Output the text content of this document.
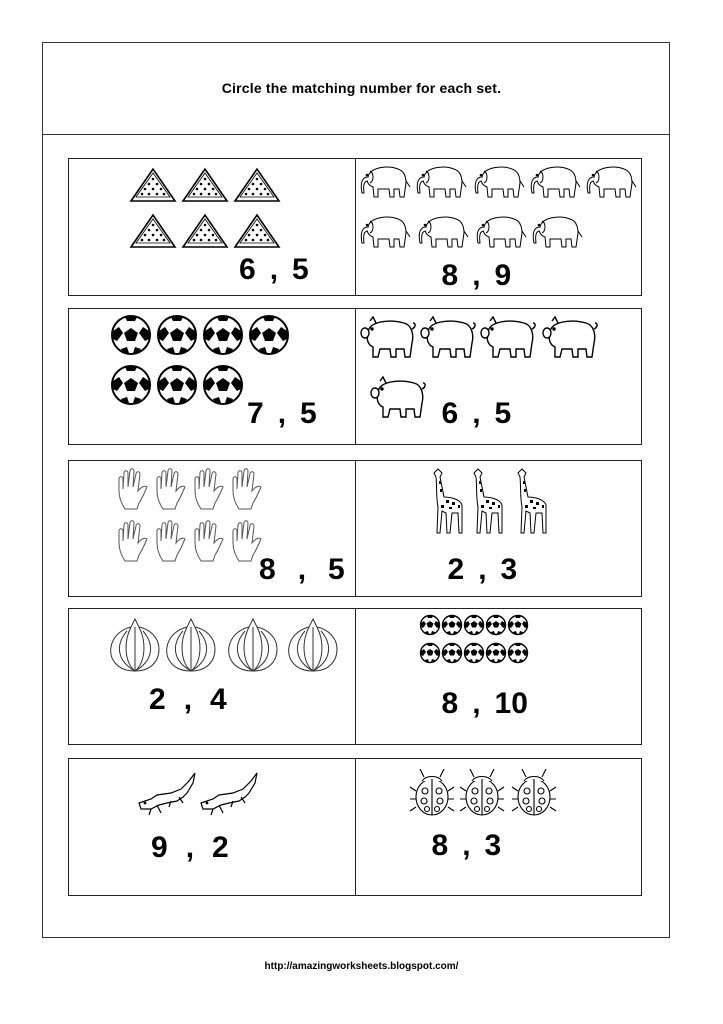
Circle the matching number for each set.
6 , 5	8 , 9
7 , 5	6 , 5
8 , 5	2 , 3
2 , 4	8 , 10
9 , 2	8 , 3
http://amazingworksheets.blogspot.com/
